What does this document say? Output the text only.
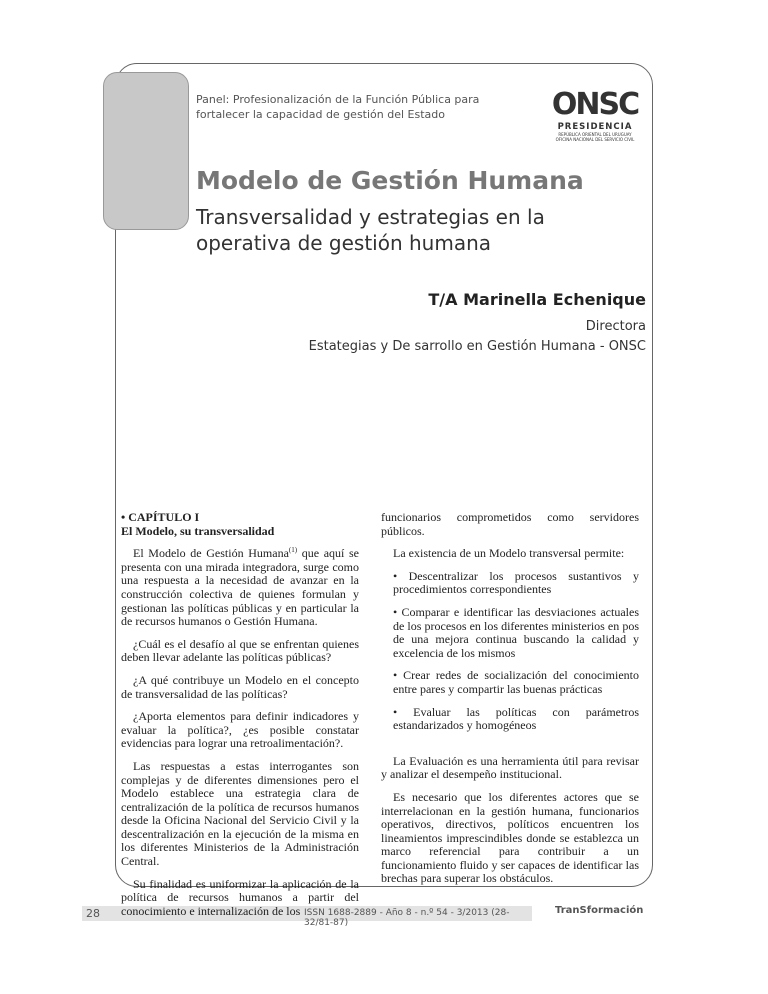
Panel: Profesionalización de la Función Pública para fortalecer la capacidad de gestión del Estado	ONSC
PRESIDENCIA
REPÚBLICA ORIENTAL DEL URUGUAY
OFICINA NACIONAL DEL SERVICIO CIVIL
Modelo de Gestión Humana
Transversalidad y estrategias en la operativa de gestión humana
T/A Marinella Echenique
Directora
Estategias y De sarrollo en Gestión Humana - ONSC
• CAPÍTULO I
El Modelo, su transversalidad

El Modelo de Gestión Humana$^{(1)}$ que aquí se presenta con una mirada integradora, surge como una respuesta a la necesidad de avanzar en la construcción colectiva de quienes formulan y gestionan las políticas públicas y en particular la de recursos humanos o Gestión Humana.

¿Cuál es el desafío al que se enfrentan quienes deben llevar adelante las políticas públicas?

¿A qué contribuye un Modelo en el concepto de transversalidad de las políticas?

¿Aporta elementos para definir indicadores y evaluar la política?, ¿es posible constatar evidencias para lograr una retroalimentación?.

Las respuestas a estas interrogantes son complejas y de diferentes dimensiones pero el Modelo establece una estrategia clara de centralización de la política de recursos humanos desde la Oficina Nacional del Servicio Civil y la descentralización en la ejecución de la misma en los diferentes Ministerios de la Administración Central.

Su finalidad es uniformizar la aplicación de la política de recursos humanos a partir del conocimiento e internalización de los

funcionarios comprometidos como servidores públicos.

La existencia de un Modelo transversal permite:

• Descentralizar los procesos sustantivos y procedimientos correspondientes

• Comparar e identificar las desviaciones actuales de los procesos en los diferentes ministerios en pos de una mejora continua buscando la calidad y excelencia de los mismos

• Crear redes de socialización del conocimiento entre pares y compartir las buenas prácticas

• Evaluar las políticas con parámetros estandarizados y homogéneos

La Evaluación es una herramienta útil para revisar y analizar el desempeño institucional.

Es necesario que los diferentes actores que se interrelacionan en la gestión humana, funcionarios operativos, directivos, políticos encuentren los lineamientos imprescindibles donde se establezca un marco referencial para contribuir a un funcionamiento fluido y ser capaces de identificar las brechas para superar los obstáculos.

28	ISSN 1688-2889 - Año 8 - n.º 54 - 3/2013 (28-32/81-87)
TranSformación
